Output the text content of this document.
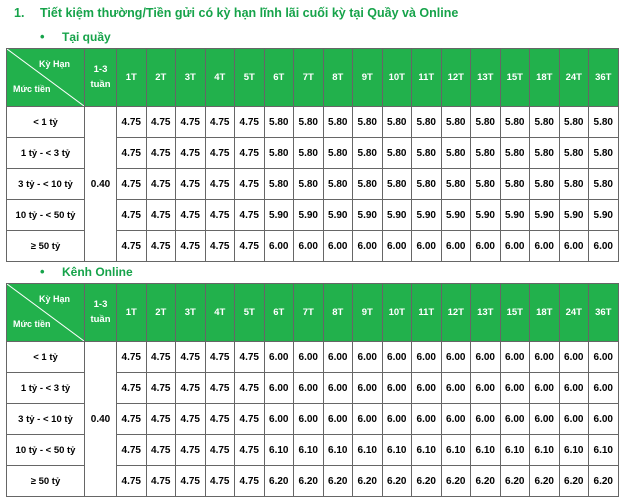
1. Tiết kiệm thường/Tiền gửi có kỳ hạn lĩnh lãi cuối kỳ tại Quầy và Online
• Tại quầy
Kỳ Hạn
Mức tiền	1-3 tuần	1T	2T	3T	4T	5T	6T	7T	8T	9T	10T	11T	12T	13T	15T	18T	24T	36T
< 1 tỷ	0.40	4.75	4.75	4.75	4.75	4.75	5.80	5.80	5.80	5.80	5.80	5.80	5.80	5.80	5.80	5.80	5.80	5.80
1 tỷ - < 3 tỷ		4.75	4.75	4.75	4.75	4.75	5.80	5.80	5.80	5.80	5.80	5.80	5.80	5.80	5.80	5.80	5.80	5.80
3 tỷ - < 10 tỷ		4.75	4.75	4.75	4.75	4.75	5.80	5.80	5.80	5.80	5.80	5.80	5.80	5.80	5.80	5.80	5.80	5.80
10 tỷ - < 50 tỷ		4.75	4.75	4.75	4.75	4.75	5.90	5.90	5.90	5.90	5.90	5.90	5.90	5.90	5.90	5.90	5.90	5.90
≥ 50 tỷ		4.75	4.75	4.75	4.75	4.75	6.00	6.00	6.00	6.00	6.00	6.00	6.00	6.00	6.00	6.00	6.00	6.00
• Kênh Online
Kỳ Hạn
Mức tiền	1-3 tuần	1T	2T	3T	4T	5T	6T	7T	8T	9T	10T	11T	12T	13T	15T	18T	24T	36T
< 1 tỷ	0.40	4.75	4.75	4.75	4.75	4.75	6.00	6.00	6.00	6.00	6.00	6.00	6.00	6.00	6.00	6.00	6.00	6.00
1 tỷ - < 3 tỷ		4.75	4.75	4.75	4.75	4.75	6.00	6.00	6.00	6.00	6.00	6.00	6.00	6.00	6.00	6.00	6.00	6.00
3 tỷ - < 10 tỷ		4.75	4.75	4.75	4.75	4.75	6.00	6.00	6.00	6.00	6.00	6.00	6.00	6.00	6.00	6.00	6.00	6.00
10 tỷ - < 50 tỷ		4.75	4.75	4.75	4.75	4.75	6.10	6.10	6.10	6.10	6.10	6.10	6.10	6.10	6.10	6.10	6.10	6.10
≥ 50 tỷ		4.75	4.75	4.75	4.75	4.75	6.20	6.20	6.20	6.20	6.20	6.20	6.20	6.20	6.20	6.20	6.20	6.20
